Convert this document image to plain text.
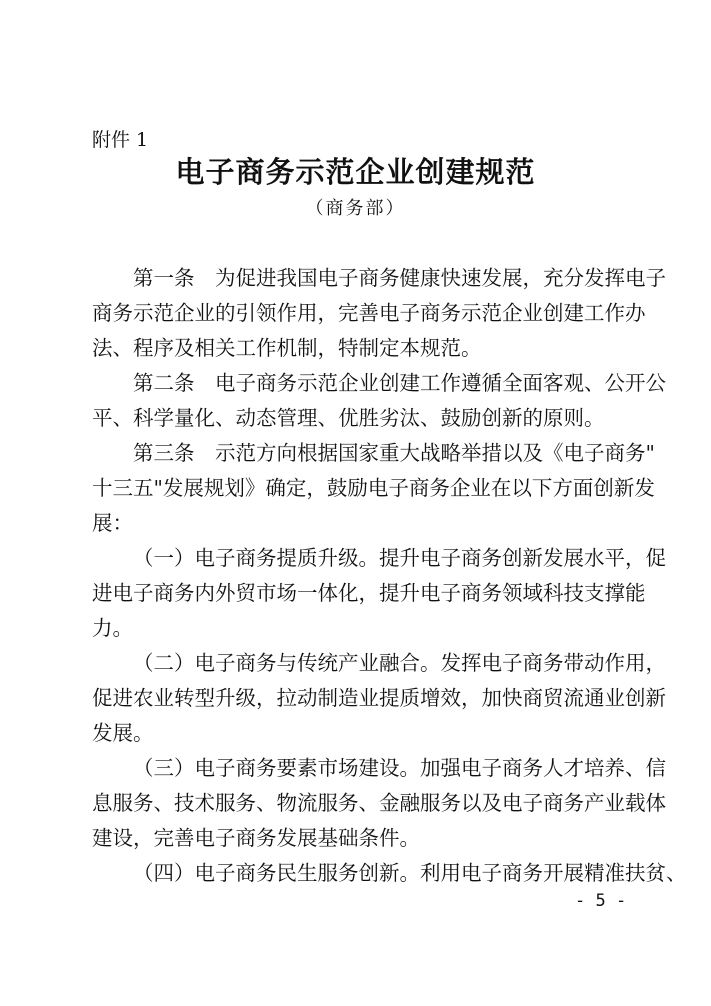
附件 1
电子商务示范企业创建规范
（商务部）
第一条　为促进我国电子商务健康快速发展，充分发挥电子
商务示范企业的引领作用，完善电子商务示范企业创建工作办
法、程序及相关工作机制，特制定本规范。
第二条　电子商务示范企业创建工作遵循全面客观、公开公
平、科学量化、动态管理、优胜劣汰、鼓励创新的原则。
第三条　示范方向根据国家重大战略举措以及《电子商务"
十三五"发展规划》确定，鼓励电子商务企业在以下方面创新发
展：
（一）电子商务提质升级。提升电子商务创新发展水平，促
进电子商务内外贸市场一体化，提升电子商务领域科技支撑能
力。
（二）电子商务与传统产业融合。发挥电子商务带动作用，
促进农业转型升级，拉动制造业提质增效，加快商贸流通业创新
发展。
（三）电子商务要素市场建设。加强电子商务人才培养、信
息服务、技术服务、物流服务、金融服务以及电子商务产业载体
建设，完善电子商务发展基础条件。
（四）电子商务民生服务创新。利用电子商务开展精准扶贫、
- 5 -
